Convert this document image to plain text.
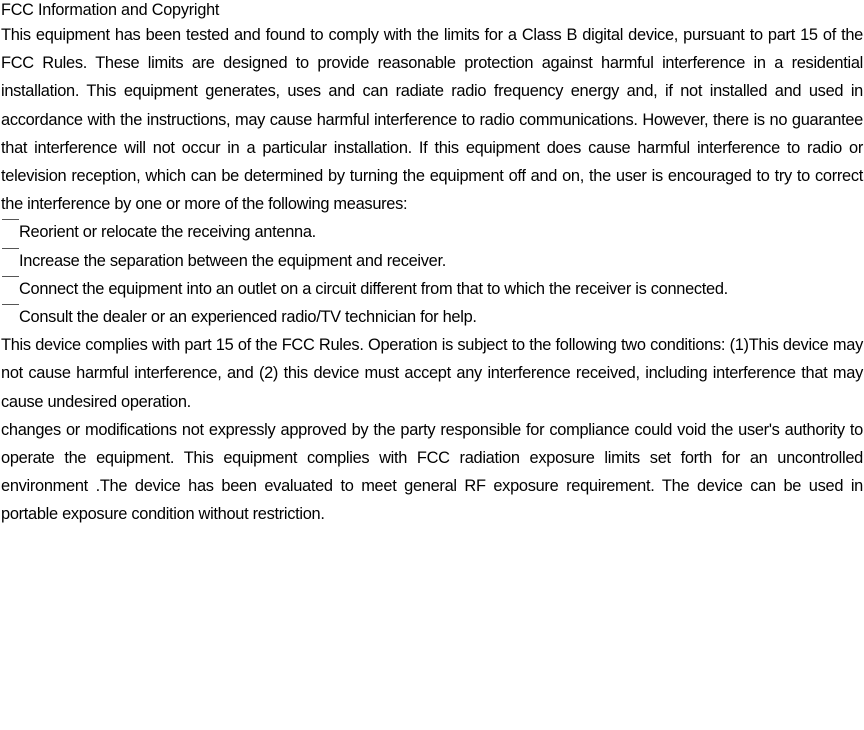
FCC Information and Copyright

This equipment has been tested and found to comply with the limits for a Class B digital device, pursuant to part 15 of the FCC Rules. These limits are designed to provide reasonable protection against harmful interference in a residential installation. This equipment generates, uses and can radiate radio frequency energy and, if not installed and used in accordance with the instructions, may cause harmful interference to radio communications. However, there is no guarantee that interference will not occur in a particular installation. If this equipment does cause harmful interference to radio or television reception, which can be determined by turning the equipment off and on, the user is encouraged to try to correct the interference by one or more of the following measures:

Reorient or relocate the receiving antenna.

Increase the separation between the equipment and receiver.

Connect the equipment into an outlet on a circuit different from that to which the receiver is connected.

Consult the dealer or an experienced radio/TV technician for help.

This device complies with part 15 of the FCC Rules. Operation is subject to the following two conditions: (1)This device may not cause harmful interference, and (2) this device must accept any interference received, including interference that may cause undesired operation.

changes or modifications not expressly approved by the party responsible for compliance could void the user's authority to operate the equipment. This equipment complies with FCC radiation exposure limits set forth for an uncontrolled environment .The device has been evaluated to meet general RF exposure requirement. The device can be used in portable exposure condition without restriction.
